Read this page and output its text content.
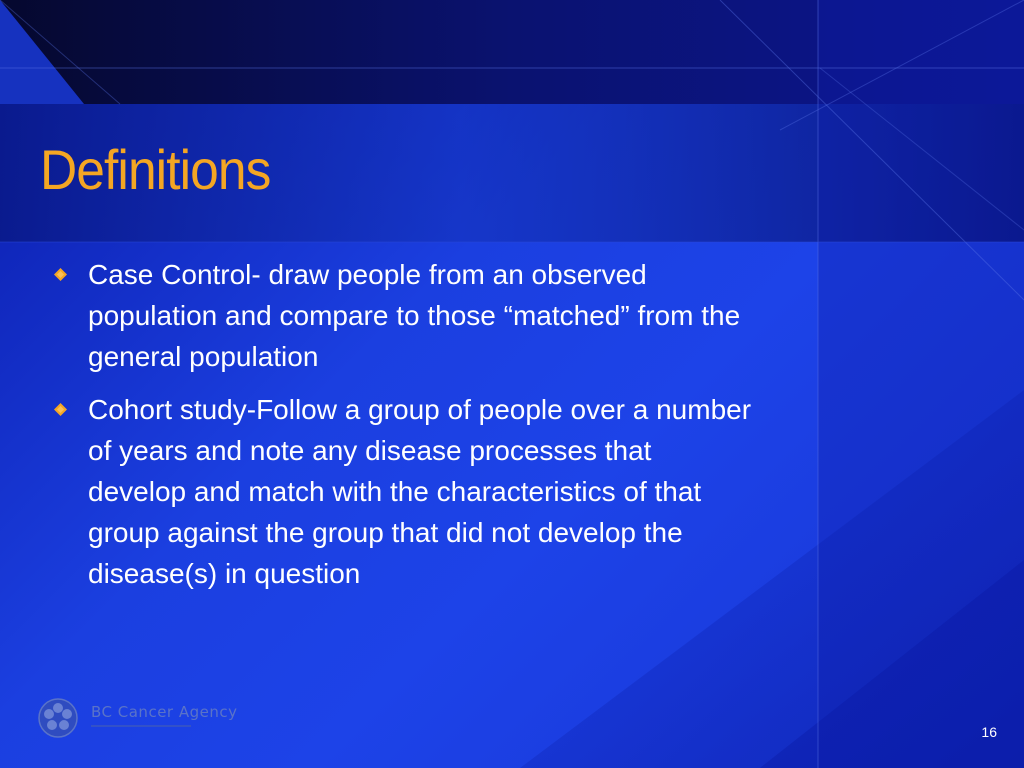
Definitions
Case Control- draw people from an observed population and compare to those “matched” from the general population
Cohort study-Follow a group of people over a number of years and note any disease processes that develop and match with the characteristics of that group against the group that did not develop the disease(s) in question
BC Cancer Agency
16
